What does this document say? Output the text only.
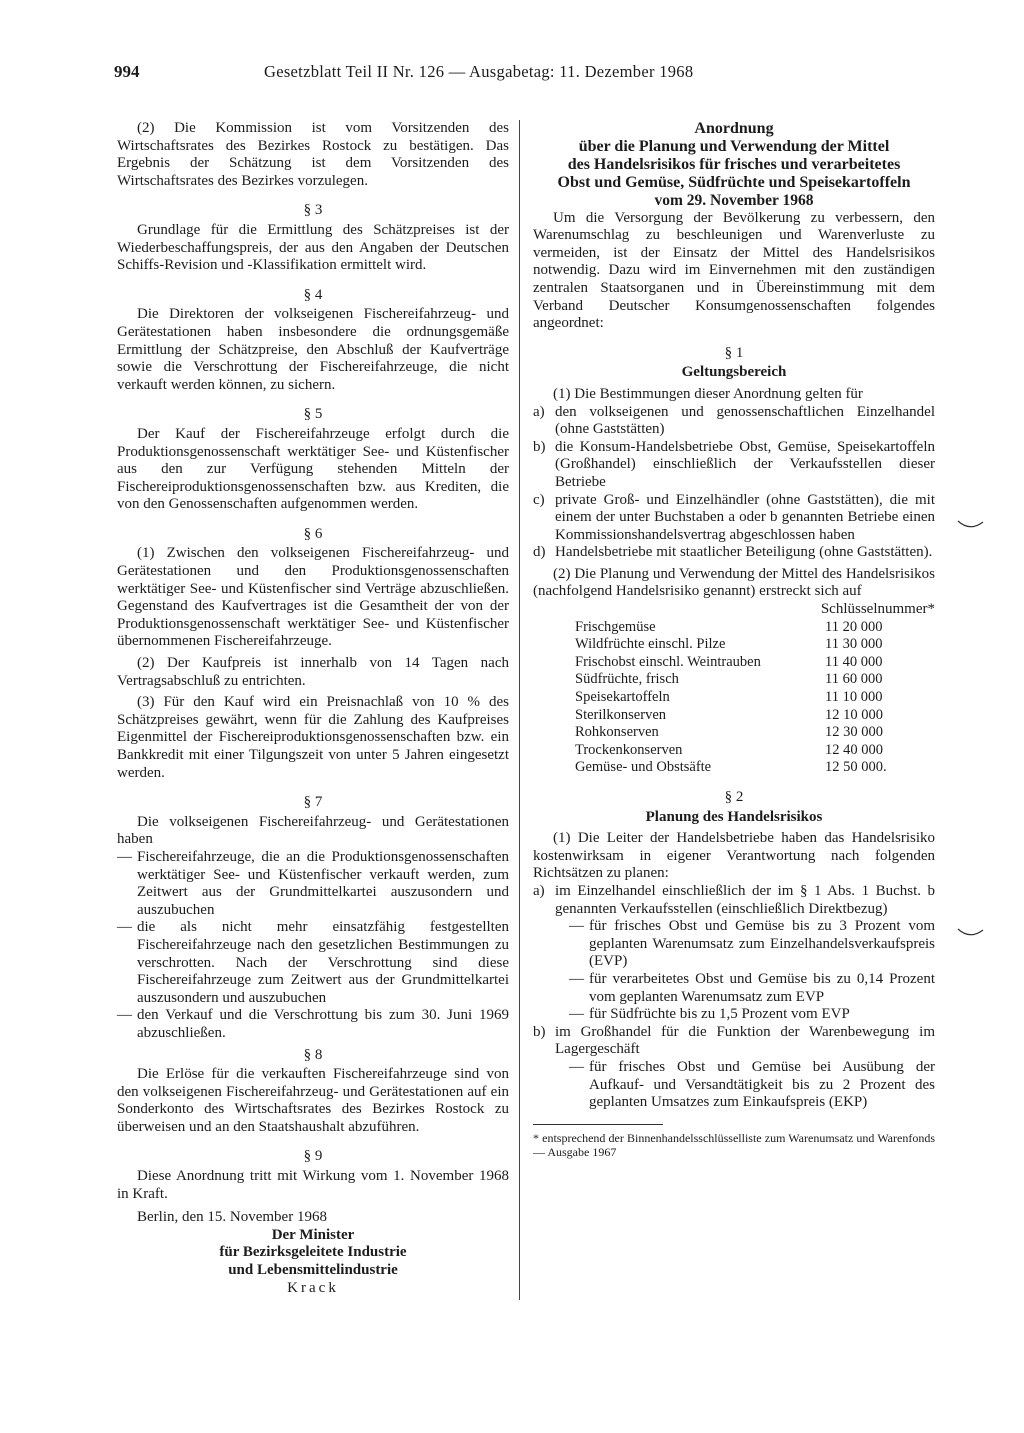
994	Gesetzblatt Teil II Nr. 126 — Ausgabetag: 11. Dezember 1968

(2) Die Kommission ist vom Vorsitzenden des Wirtschaftsrates des Bezirkes Rostock zu bestätigen. Das Ergebnis der Schätzung ist dem Vorsitzenden des Wirtschaftsrates des Bezirkes vorzulegen.

§ 3

Grundlage für die Ermittlung des Schätzpreises ist der Wiederbeschaffungspreis, der aus den Angaben der Deutschen Schiffs-Revision und -Klassifikation ermittelt wird.

§ 4

Die Direktoren der volkseigenen Fischereifahrzeug- und Gerätestationen haben insbesondere die ordnungsgemäße Ermittlung der Schätzpreise, den Abschluß der Kaufverträge sowie die Verschrottung der Fischereifahrzeuge, die nicht verkauft werden können, zu sichern.

§ 5

Der Kauf der Fischereifahrzeuge erfolgt durch die Produktionsgenossenschaft werktätiger See- und Küstenfischer aus den zur Verfügung stehenden Mitteln der Fischereiproduktionsgenossenschaften bzw. aus Krediten, die von den Genossenschaften aufgenommen werden.

§ 6

(1) Zwischen den volkseigenen Fischereifahrzeug- und Gerätestationen und den Produktionsgenossenschaften werktätiger See- und Küstenfischer sind Verträge abzuschließen. Gegenstand des Kaufvertrages ist die Gesamtheit der von der Produktionsgenossenschaft werktätiger See- und Küstenfischer übernommenen Fischereifahrzeuge.

(2) Der Kaufpreis ist innerhalb von 14 Tagen nach Vertragsabschluß zu entrichten.

(3) Für den Kauf wird ein Preisnachlaß von 10 % des Schätzpreises gewährt, wenn für die Zahlung des Kaufpreises Eigenmittel der Fischereiproduktionsgenossenschaften bzw. ein Bankkredit mit einer Tilgungszeit von unter 5 Jahren eingesetzt werden.

§ 7

Die volkseigenen Fischereifahrzeug- und Gerätestationen haben

— Fischereifahrzeuge, die an die Produktionsgenossenschaften werktätiger See- und Küstenfischer verkauft werden, zum Zeitwert aus der Grundmittelkartei auszusondern und auszubuchen
— die als nicht mehr einsatzfähig festgestellten Fischereifahrzeuge nach den gesetzlichen Bestimmungen zu verschrotten. Nach der Verschrottung sind diese Fischereifahrzeuge zum Zeitwert aus der Grundmittelkartei auszusondern und auszubuchen
— den Verkauf und die Verschrottung bis zum 30. Juni 1969 abzuschließen.

§ 8

Die Erlöse für die verkauften Fischereifahrzeuge sind von den volkseigenen Fischereifahrzeug- und Gerätestationen auf ein Sonderkonto des Wirtschaftsrates des Bezirkes Rostock zu überweisen und an den Staatshaushalt abzuführen.

§ 9

Diese Anordnung tritt mit Wirkung vom 1. November 1968 in Kraft.

Berlin, den 15. November 1968

Der Minister

für Bezirksgeleitete Industrie

und Lebensmittelindustrie

Krack

Anordnung

über die Planung und Verwendung der Mittel

des Handelsrisikos für frisches und verarbeitetes

Obst und Gemüse, Südfrüchte und Speisekartoffeln

vom 29. November 1968

Um die Versorgung der Bevölkerung zu verbessern, den Warenumschlag zu beschleunigen und Warenverluste zu vermeiden, ist der Einsatz der Mittel des Handelsrisikos notwendig. Dazu wird im Einvernehmen mit den zuständigen zentralen Staatsorganen und in Übereinstimmung mit dem Verband Deutscher Konsumgenossenschaften folgendes angeordnet:

§ 1

Geltungsbereich

(1) Die Bestimmungen dieser Anordnung gelten für

a) den volkseigenen und genossenschaftlichen Einzelhandel (ohne Gaststätten)
b) die Konsum-Handelsbetriebe Obst, Gemüse, Speisekartoffeln (Großhandel) einschließlich der Verkaufsstellen dieser Betriebe
c) private Groß- und Einzelhändler (ohne Gaststätten), die mit einem der unter Buchstaben a oder b genannten Betriebe einen Kommissionshandelsvertrag abgeschlossen haben
d) Handelsbetriebe mit staatlicher Beteiligung (ohne Gaststätten).

(2) Die Planung und Verwendung der Mittel des Handelsrisikos (nachfolgend Handelsrisiko genannt) erstreckt sich auf

Schlüsselnummer*

Frischgemüse	11 20 000
Wildfrüchte einschl. Pilze	11 30 000
Frischobst einschl. Weintrauben	11 40 000
Südfrüchte, frisch	11 60 000
Speisekartoffeln	11 10 000
Sterilkonserven	12 10 000
Rohkonserven	12 30 000
Trockenkonserven	12 40 000
Gemüse- und Obstsäfte	12 50 000.

§ 2

Planung des Handelsrisikos

(1) Die Leiter der Handelsbetriebe haben das Handelsrisiko kostenwirksam in eigener Verantwortung nach folgenden Richtsätzen zu planen:

a) im Einzelhandel einschließlich der im § 1 Abs. 1 Buchst. b genannten Verkaufsstellen (einschließlich Direktbezug)
— für frisches Obst und Gemüse bis zu 3 Prozent vom geplanten Warenumsatz zum Einzelhandelsverkaufspreis (EVP)
— für verarbeitetes Obst und Gemüse bis zu 0,14 Prozent vom geplanten Warenumsatz zum EVP
— für Südfrüchte bis zu 1,5 Prozent vom EVP
b) im Großhandel für die Funktion der Warenbewegung im Lagergeschäft
— für frisches Obst und Gemüse bei Ausübung der Aufkauf- und Versandtätigkeit bis zu 2 Prozent des geplanten Umsatzes zum Einkaufspreis (EKP)

* entsprechend der Binnenhandelsschlüsselliste zum Warenumsatz und Warenfonds — Ausgabe 1967
